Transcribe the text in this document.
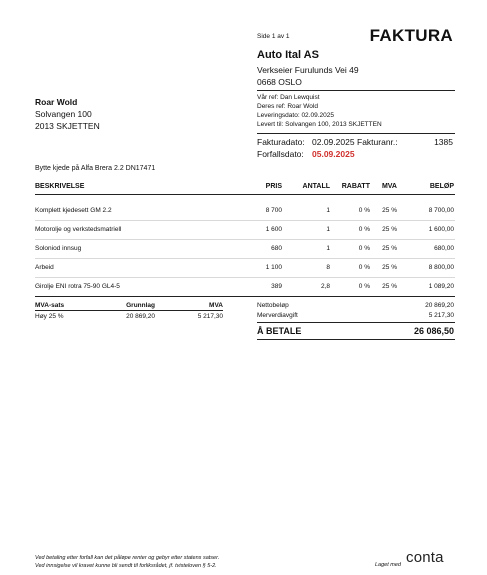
Side 1 av 1	FAKTURA
Auto Ital AS
Verkseier Furulunds Vei 49
0668 OSLO
Roar Wold
Solvangen 100
2013 SKJETTEN
Vår ref: Dan Lewquist
Deres ref: Roar Wold
Leveringsdato: 02.09.2025
Levert til: Solvangen 100, 2013 SKJETTEN
Fakturadato: 02.09.2025 Fakturanr.:	1385
Forfallsdato: 05.09.2025
Bytte kjede på Alfa Brera 2.2 DN17471
BESKRIVELSE	PRIS	ANTALL	RABATT	MVA	BELØP
Komplett kjedesett GM 2.2	8 700	1	0 %	25 %	8 700,00
Motorolje og verkstedsmatriell	1 600	1	0 %	25 %	1 600,00
Soloniod innsug	680	1	0 %	25 %	680,00
Arbeid	1 100	8	0 %	25 %	8 800,00
Girolje ENI rotra 75-90 GL4-5	389	2,8	0 %	25 %	1 089,20
MVA-sats	Grunnlag	MVA
Høy 25 %	20 869,20	5 217,30
Nettobeløp	20 869,20
Merverdiavgift	5 217,30
Å BETALE	26 086,50
Ved betaling etter forfall kan det påløpe renter og gebyr etter statens satser.
Ved innsigelse vil kravet kunne bli sendt til forliksrådet, jf. tvisteloven § 5-2.	Laget med conta
